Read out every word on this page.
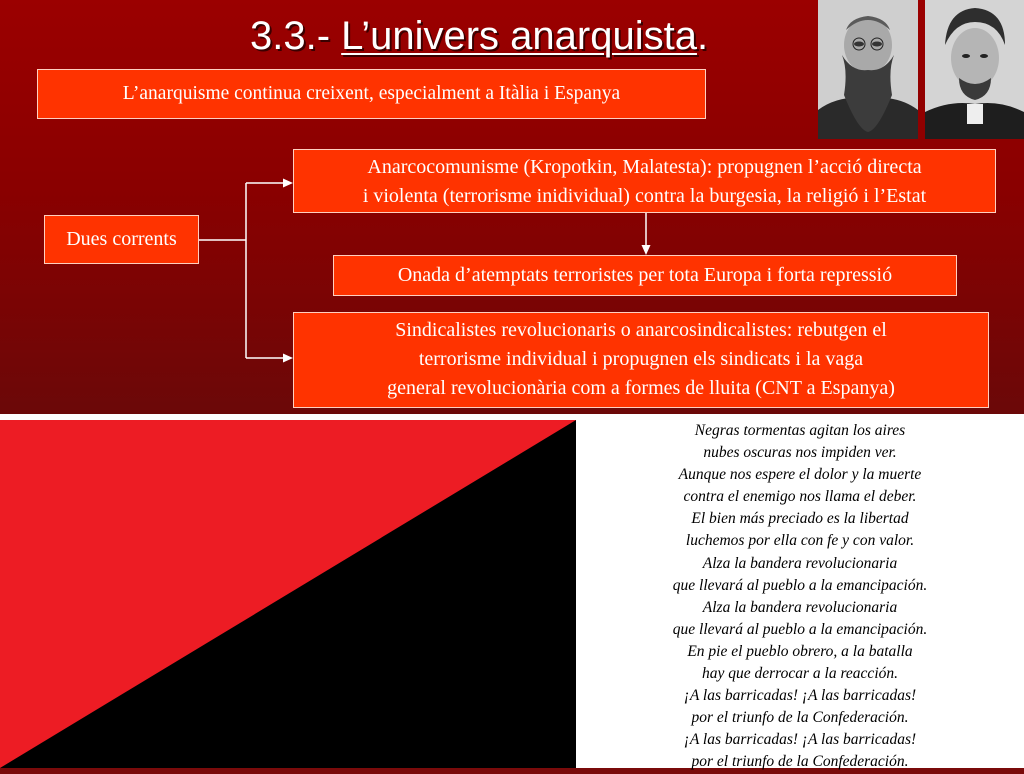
3.3.- L’univers anarquista.
L’anarquisme continua creixent, especialment a Itàlia i Espanya
Dues corrents
Anarcocomunisme (Kropotkin, Malatesta): propugnen l’acció directa
i violenta (terrorisme inidividual) contra la burgesia, la religió i l’Estat
Onada d’atemptats terroristes per tota Europa i forta repressió
Sindicalistes revolucionaris o anarcosindicalistes: rebutgen el
terrorisme individual i propugnen els sindicats i la vaga
general revolucionària com a formes de lluita (CNT a Espanya)
Negras tormentas agitan los aires
nubes oscuras nos impiden ver.
Aunque nos espere el dolor y la muerte
contra el enemigo nos llama el deber.
El bien más preciado es la libertad
luchemos por ella con fe y con valor.
Alza la bandera revolucionaria
que llevará al pueblo a la emancipación.
Alza la bandera revolucionaria
que llevará al pueblo a la emancipación.
En pie el pueblo obrero, a la batalla
hay que derrocar a la reacción.
¡A las barricadas! ¡A las barricadas!
por el triunfo de la Confederación.
¡A las barricadas! ¡A las barricadas!
por el triunfo de la Confederación.
